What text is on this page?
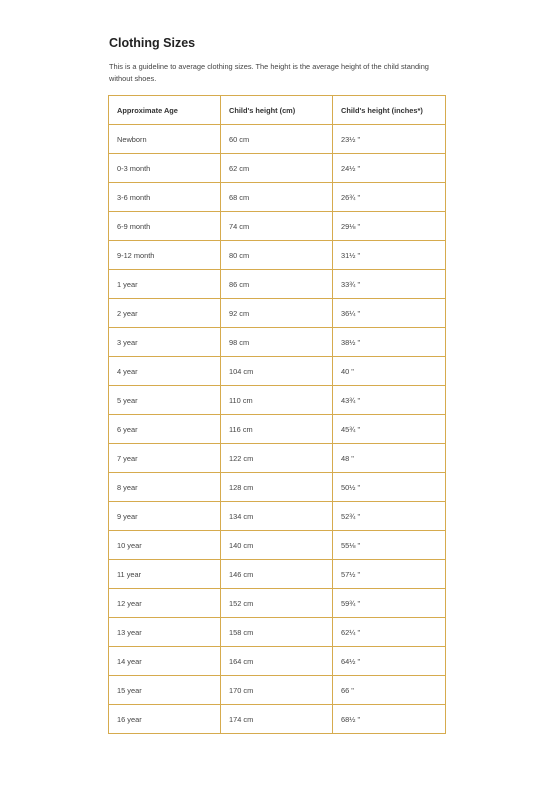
Clothing Sizes

This is a guideline to average clothing sizes. The height is the average height of the child standing without shoes.

Approximate Age	Child's height (cm)	Child's height (inches*)
Newborn	60 cm	23½ "
0-3 month	62 cm	24½ "
3-6 month	68 cm	26¾ "
6-9 month	74 cm	29⅛ "
9-12 month	80 cm	31½ "
1 year	86 cm	33¾ "
2 year	92 cm	36¼ "
3 year	98 cm	38½ "
4 year	104 cm	40 "
5 year	110 cm	43¾ "
6 year	116 cm	45¾ "
7 year	122 cm	48 "
8 year	128 cm	50½ "
9 year	134 cm	52¾ "
10 year	140 cm	55⅛ "
11 year	146 cm	57½ "
12 year	152 cm	59¾ "
13 year	158 cm	62¼ "
14 year	164 cm	64½ "
15 year	170 cm	66 "
16 year	174 cm	68½ "
